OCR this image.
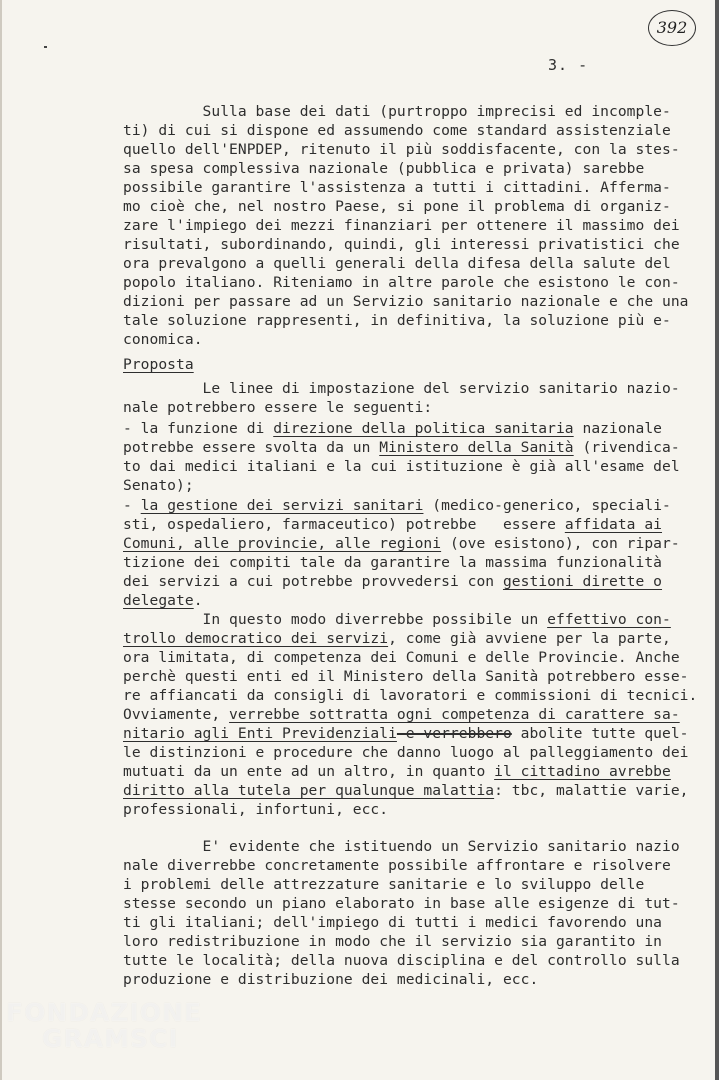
392
3. -
Sulla base dei dati (purtroppo imprecisi ed incomple-
ti) di cui si dispone ed assumendo come standard assistenziale
quello dell'ENPDEP, ritenuto il più soddisfacente, con la stes-
sa spesa complessiva nazionale (pubblica e privata) sarebbe
possibile garantire l'assistenza a tutti i cittadini. Afferma-
mo cioè che, nel nostro Paese, si pone il problema di organiz-
zare l'impiego dei mezzi finanziari per ottenere il massimo dei
risultati, subordinando, quindi, gli interessi privatistici che
ora prevalgono a quelli generali della difesa della salute del
popolo italiano. Riteniamo in altre parole che esistono le con-
dizioni per passare ad un Servizio sanitario nazionale e che una
tale soluzione rappresenti, in definitiva, la soluzione più e-
conomica.
Proposta
Le linee di impostazione del servizio sanitario nazio-
nale potrebbero essere le seguenti:
- la funzione di direzione della politica sanitaria nazionale
potrebbe essere svolta da un Ministero della Sanità (rivendica-
to dai medici italiani e la cui istituzione è già all'esame del
Senato);
- la gestione dei servizi sanitari (medico-generico, speciali-
sti, ospedaliero, farmaceutico) potrebbe   essere affidata ai
Comuni, alle provincie, alle regioni (ove esistono), con ripar-
tizione dei compiti tale da garantire la massima funzionalità
dei servizi a cui potrebbe provvedersi con gestioni dirette o
delegate.
In questo modo diverrebbe possibile un effettivo con-
trollo democratico dei servizi, come già avviene per la parte,
ora limitata, di competenza dei Comuni e delle Provincie. Anche
perchè questi enti ed il Ministero della Sanità potrebbero esse-
re affiancati da consigli di lavoratori e commissioni di tecnici.
Ovviamente, verrebbe sottratta ogni competenza di carattere sa-
nitario agli Enti Previdenziali e verrebbero abolite tutte quel-
le distinzioni e procedure che danno luogo al palleggiamento dei
mutuati da un ente ad un altro, in quanto il cittadino avrebbe
diritto alla tutela per qualunque malattia: tbc, malattie varie,
professionali, infortuni, ecc.
E' evidente che istituendo un Servizio sanitario nazio
nale diverrebbe concretamente possibile affrontare e risolvere
i problemi delle attrezzature sanitarie e lo sviluppo delle
stesse secondo un piano elaborato in base alle esigenze di tut-
ti gli italiani; dell'impiego di tutti i medici favorendo una
loro redistribuzione in modo che il servizio sia garantito in
tutte le località; della nuova disciplina e del controllo sulla
produzione e distribuzione dei medicinali, ecc.
FONDAZIONE
GRAMSCI
